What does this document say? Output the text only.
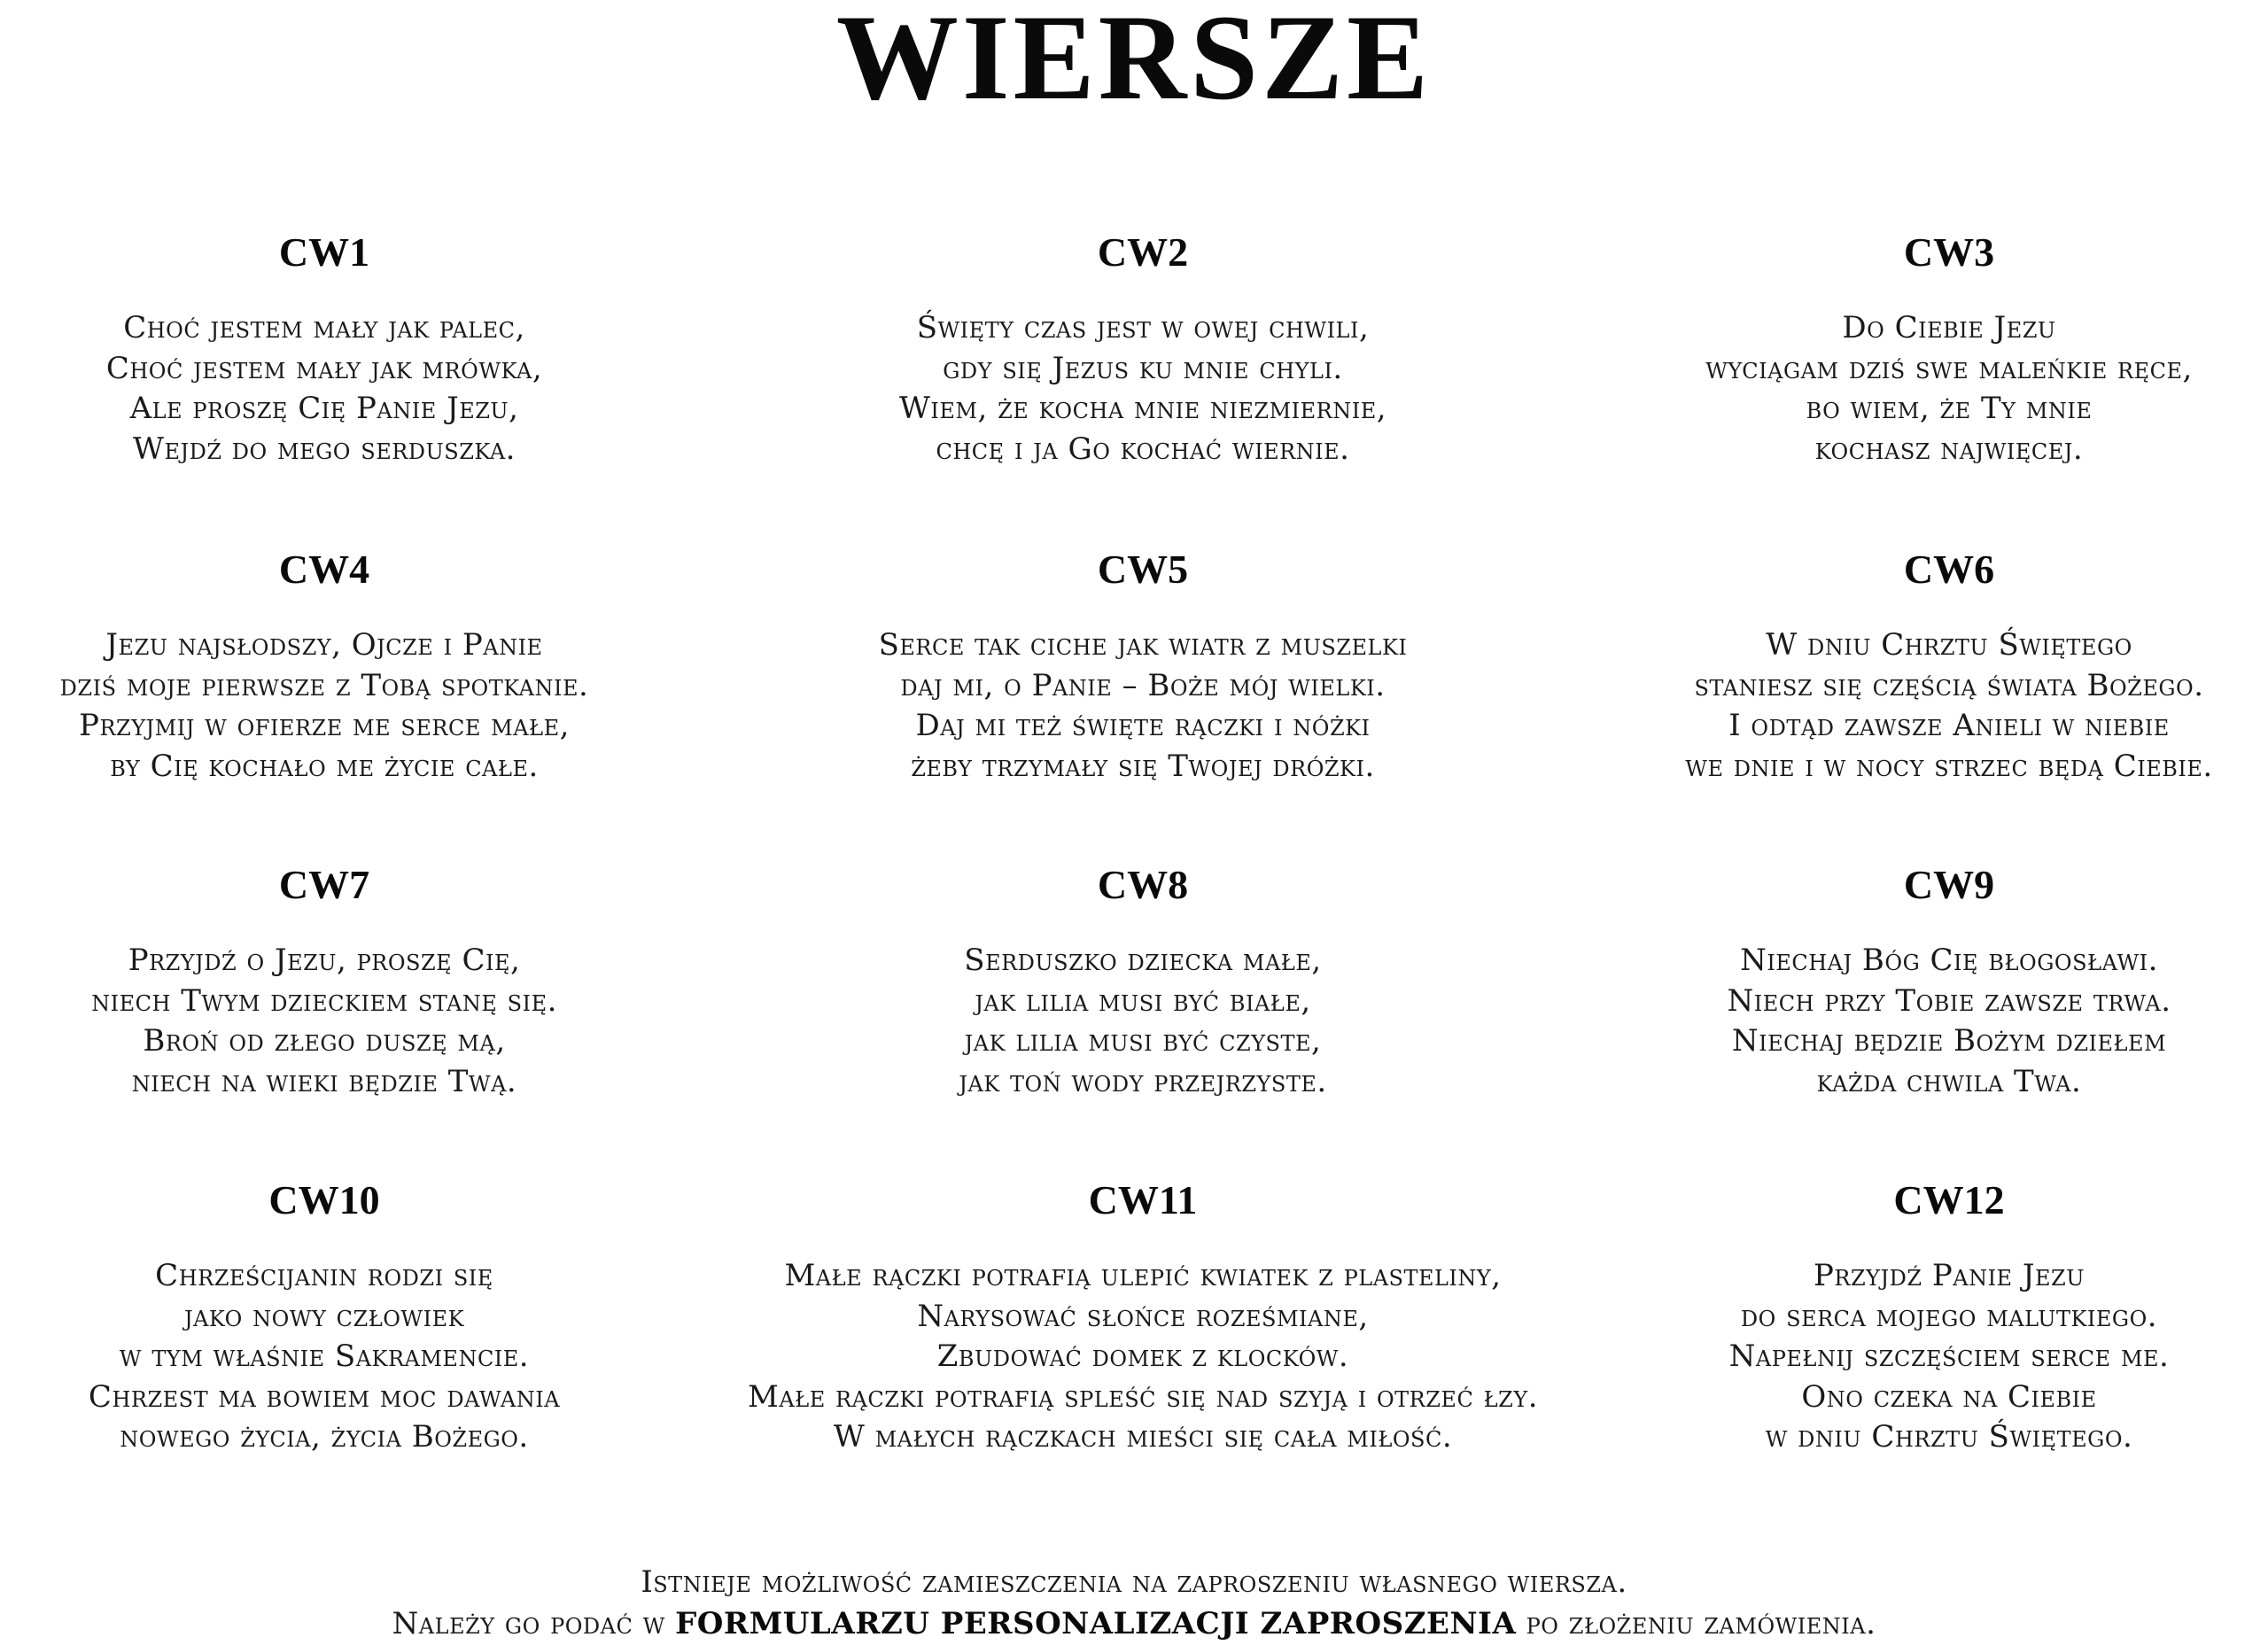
WIERSZE
CW1
Choć jestem mały jak palec,
Choć jestem mały jak mrówka,
Ale proszę Cię Panie Jezu,
Wejdź do mego serduszka.
CW2
Święty czas jest w owej chwili,
gdy się Jezus ku mnie chyli.
Wiem, że kocha mnie niezmiernie,
chcę i ja Go kochać wiernie.
CW3
Do Ciebie Jezu
wyciągam dziś swe maleńkie ręce,
bo wiem, że Ty mnie
kochasz najwięcej.
CW4
Jezu najsłodszy, Ojcze i Panie
dziś moje pierwsze z Tobą spotkanie.
Przyjmij w ofierze me serce małe,
by Cię kochało me życie całe.
CW5
Serce tak ciche jak wiatr z muszelki
daj mi, o Panie – Boże mój wielki.
Daj mi też święte rączki i nóżki
żeby trzymały się Twojej dróżki.
CW6
W dniu Chrztu Świętego
staniesz się częścią świata Bożego.
I odtąd zawsze Anieli w niebie
we dnie i w nocy strzec będą Ciebie.
CW7
Przyjdź o Jezu, proszę Cię,
niech Twym dzieckiem stanę się.
Broń od złego duszę mą,
niech na wieki będzie Twą.
CW8
Serduszko dziecka małe,
jak lilia musi być białe,
jak lilia musi być czyste,
jak toń wody przejrzyste.
CW9
Niechaj Bóg Cię błogosławi.
Niech przy Tobie zawsze trwa.
Niechaj będzie Bożym dziełem
każda chwila Twa.
CW10
Chrześcijanin rodzi się
jako nowy człowiek
w tym właśnie Sakramencie.
Chrzest ma bowiem moc dawania
nowego życia, życia Bożego.
CW11
Małe rączki potrafią ulepić kwiatek z plasteliny,
Narysować słońce roześmiane,
Zbudować domek z klocków.
Małe rączki potrafią spleść się nad szyją i otrzeć łzy.
W małych rączkach mieści się cała miłość.
CW12
Przyjdź Panie Jezu
do serca mojego malutkiego.
Napełnij szczęściem serce me.
Ono czeka na Ciebie
w dniu Chrztu Świętego.
Istnieje możliwość zamieszczenia na zaproszeniu własnego wiersza.
Należy go podać w FORMULARZU PERSONALIZACJI ZAPROSZENIA po złożeniu zamówienia.
